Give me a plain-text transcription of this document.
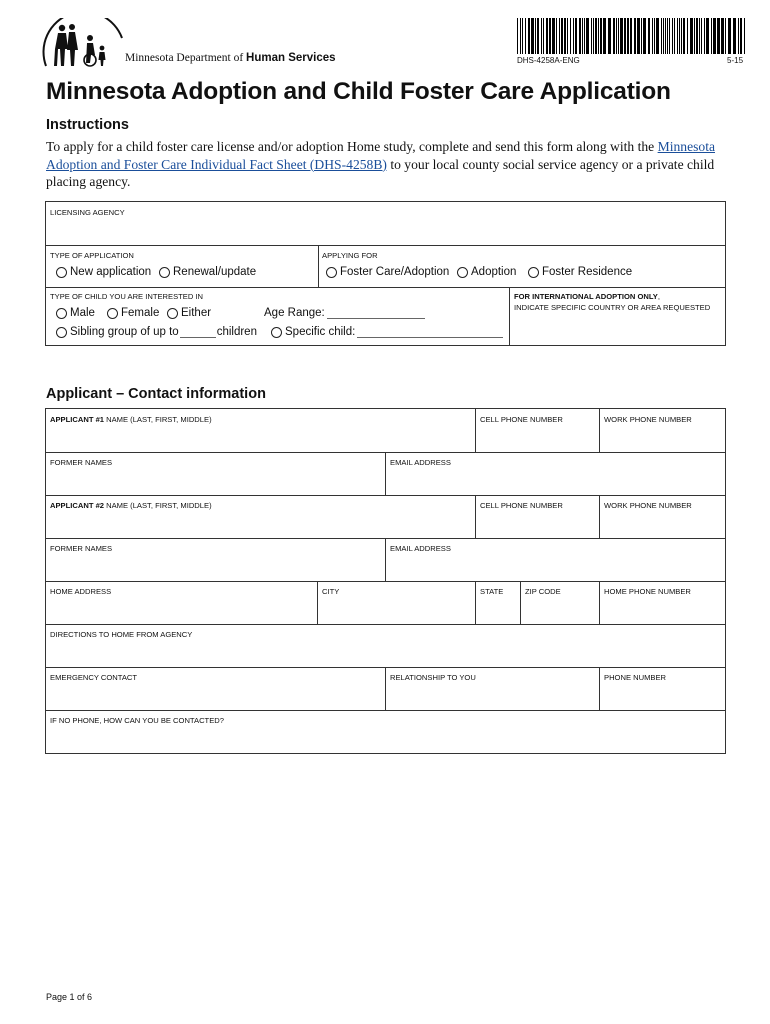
Minnesota Department of Human Services	DHS-4258A-ENG	5-15
Minnesota Adoption and Child Foster Care Application
Instructions
To apply for a child foster care license and/or adoption Home study, complete and send this form along with the Minnesota Adoption and Foster Care Individual Fact Sheet (DHS-4258B) to your local county social service agency or a private child placing agency.
LICENSING AGENCY
TYPE OF APPLICATION
New application Renewal/update
APPLYING FOR
Foster Care/Adoption Adoption Foster Residence
TYPE OF CHILD YOU ARE INTERESTED IN
Male Female Either	Age Range:
Sibling group of up to	children Specific child:
FOR INTERNATIONAL ADOPTION ONLY,
INDICATE SPECIFIC COUNTRY OR AREA REQUESTED
Applicant – Contact information
APPLICANT #1 NAME (LAST, FIRST, MIDDLE)	CELL PHONE NUMBER	WORK PHONE NUMBER
FORMER NAMES	EMAIL ADDRESS
APPLICANT #2 NAME (LAST, FIRST, MIDDLE)	CELL PHONE NUMBER	WORK PHONE NUMBER
FORMER NAMES	EMAIL ADDRESS
HOME ADDRESS	CITY	STATE	ZIP CODE	HOME PHONE NUMBER
DIRECTIONS TO HOME FROM AGENCY
EMERGENCY CONTACT	RELATIONSHIP TO YOU	PHONE NUMBER
IF NO PHONE, HOW CAN YOU BE CONTACTED?
Page 1 of 6
